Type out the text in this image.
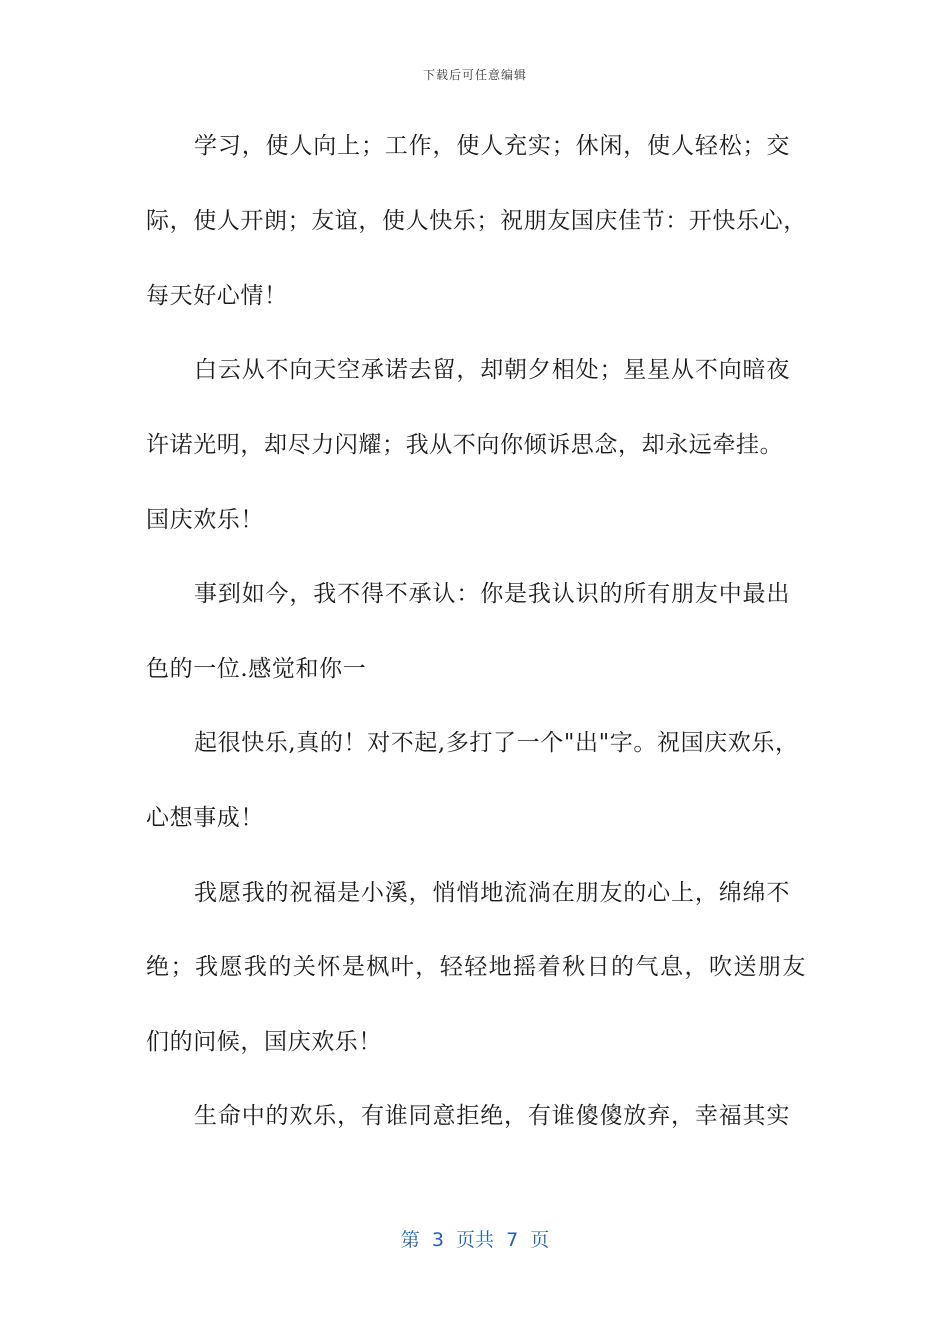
下载后可任意编辑
学习，使人向上；工作，使人充实；休闲，使人轻松；交
际，使人开朗；友谊，使人快乐；祝朋友国庆佳节：开快乐心，
每天好心情！
白云从不向天空承诺去留，却朝夕相处；星星从不向暗夜
许诺光明，却尽力闪耀；我从不向你倾诉思念，却永远牵挂。
国庆欢乐！
事到如今，我不得不承认：你是我认识的所有朋友中最出
色的一位.感觉和你一
起很快乐,真的！对不起,多打了一个"出"字。祝国庆欢乐，
心想事成！
我愿我的祝福是小溪，悄悄地流淌在朋友的心上，绵绵不
绝；我愿我的关怀是枫叶，轻轻地摇着秋日的气息，吹送朋友
们的问候，国庆欢乐！
生命中的欢乐，有谁同意拒绝，有谁傻傻放弃，幸福其实
第  3  页共  7  页
